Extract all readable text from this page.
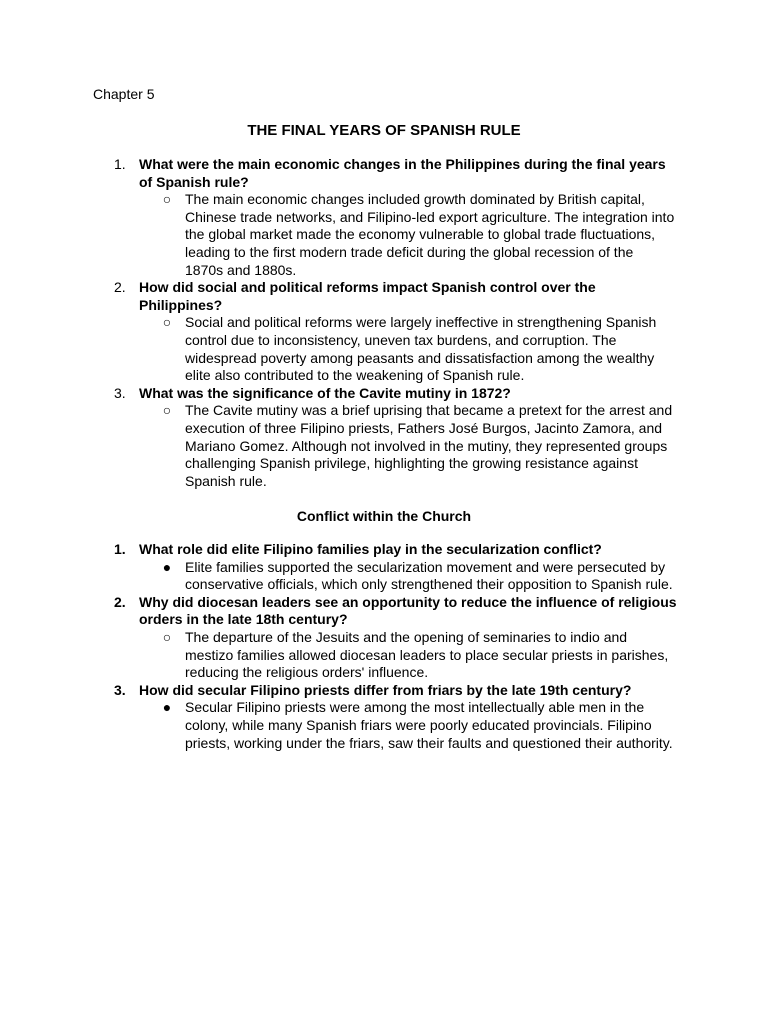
Chapter 5
THE FINAL YEARS OF SPANISH RULE
1. What were the main economic changes in the Philippines during the final years of Spanish rule?
○ The main economic changes included growth dominated by British capital, Chinese trade networks, and Filipino-led export agriculture. The integration into the global market made the economy vulnerable to global trade fluctuations, leading to the first modern trade deficit during the global recession of the 1870s and 1880s.
2. How did social and political reforms impact Spanish control over the Philippines?
○ Social and political reforms were largely ineffective in strengthening Spanish control due to inconsistency, uneven tax burdens, and corruption. The widespread poverty among peasants and dissatisfaction among the wealthy elite also contributed to the weakening of Spanish rule.
3. What was the significance of the Cavite mutiny in 1872?
○ The Cavite mutiny was a brief uprising that became a pretext for the arrest and execution of three Filipino priests, Fathers José Burgos, Jacinto Zamora, and Mariano Gomez. Although not involved in the mutiny, they represented groups challenging Spanish privilege, highlighting the growing resistance against Spanish rule.
Conflict within the Church
1. What role did elite Filipino families play in the secularization conflict?
● Elite families supported the secularization movement and were persecuted by conservative officials, which only strengthened their opposition to Spanish rule.
2. Why did diocesan leaders see an opportunity to reduce the influence of religious orders in the late 18th century?
○ The departure of the Jesuits and the opening of seminaries to indio and mestizo families allowed diocesan leaders to place secular priests in parishes, reducing the religious orders' influence.
3. How did secular Filipino priests differ from friars by the late 19th century?
● Secular Filipino priests were among the most intellectually able men in the colony, while many Spanish friars were poorly educated provincials. Filipino priests, working under the friars, saw their faults and questioned their authority.
